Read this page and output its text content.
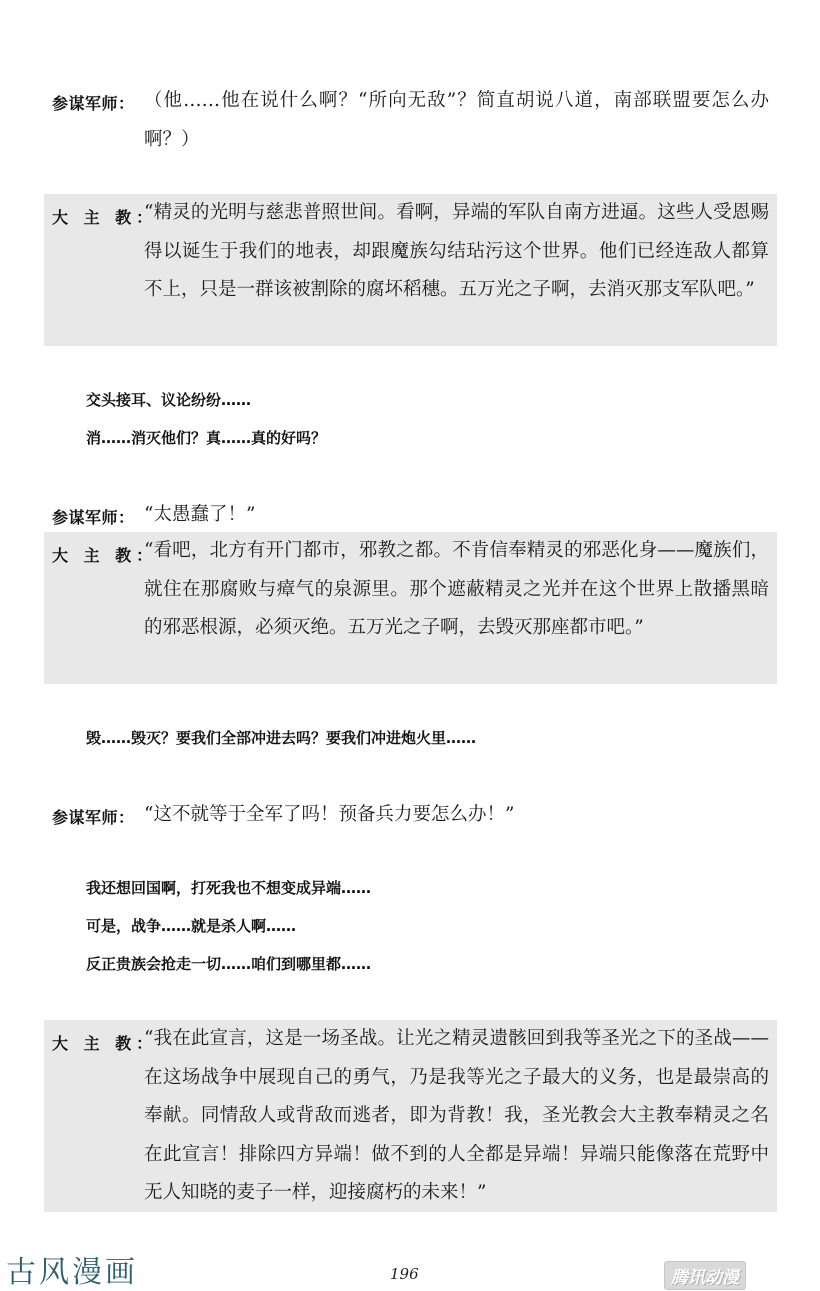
参谋军师： （他……他在说什么啊？“所向无敌”？简直胡说八道，南部联盟要怎么办啊？）

大 主 教：

“精灵的光明与慈悲普照世间。看啊，异端的军队自南方进逼。这些人受恩赐得以诞生于我们的地表，却跟魔族勾结玷污这个世界。他们已经连敌人都算不上，只是一群该被割除的腐坏稻穗。五万光之子啊，去消灭那支军队吧。”

交头接耳、议论纷纷……
消……消灭他们？真……真的好吗？
参谋军师： “太愚蠢了！”

大 主 教：

“看吧，北方有开门都市，邪教之都。不肯信奉精灵的邪恶化身——魔族们，就住在那腐败与瘴气的泉源里。那个遮蔽精灵之光并在这个世界上散播黑暗的邪恶根源，必须灭绝。五万光之子啊，去毁灭那座都市吧。”

毁……毁灭？要我们全部冲进去吗？要我们冲进炮火里……
参谋军师： “这不就等于全军了吗！预备兵力要怎么办！”

我还想回国啊，打死我也不想变成异端……
可是，战争……就是杀人啊……
反正贵族会抢走一切……咱们到哪里都……
大 主 教：

“我在此宣言，这是一场圣战。让光之精灵遗骸回到我等圣光之下的圣战——在这场战争中展现自己的勇气，乃是我等光之子最大的义务，也是最崇高的奉献。同情敌人或背敌而逃者，即为背教！我，圣光教会大主教奉精灵之名在此宣言！排除四方异端！做不到的人全都是异端！异端只能像落在荒野中无人知晓的麦子一样，迎接腐朽的未来！”

古风漫画	196	腾讯动漫
